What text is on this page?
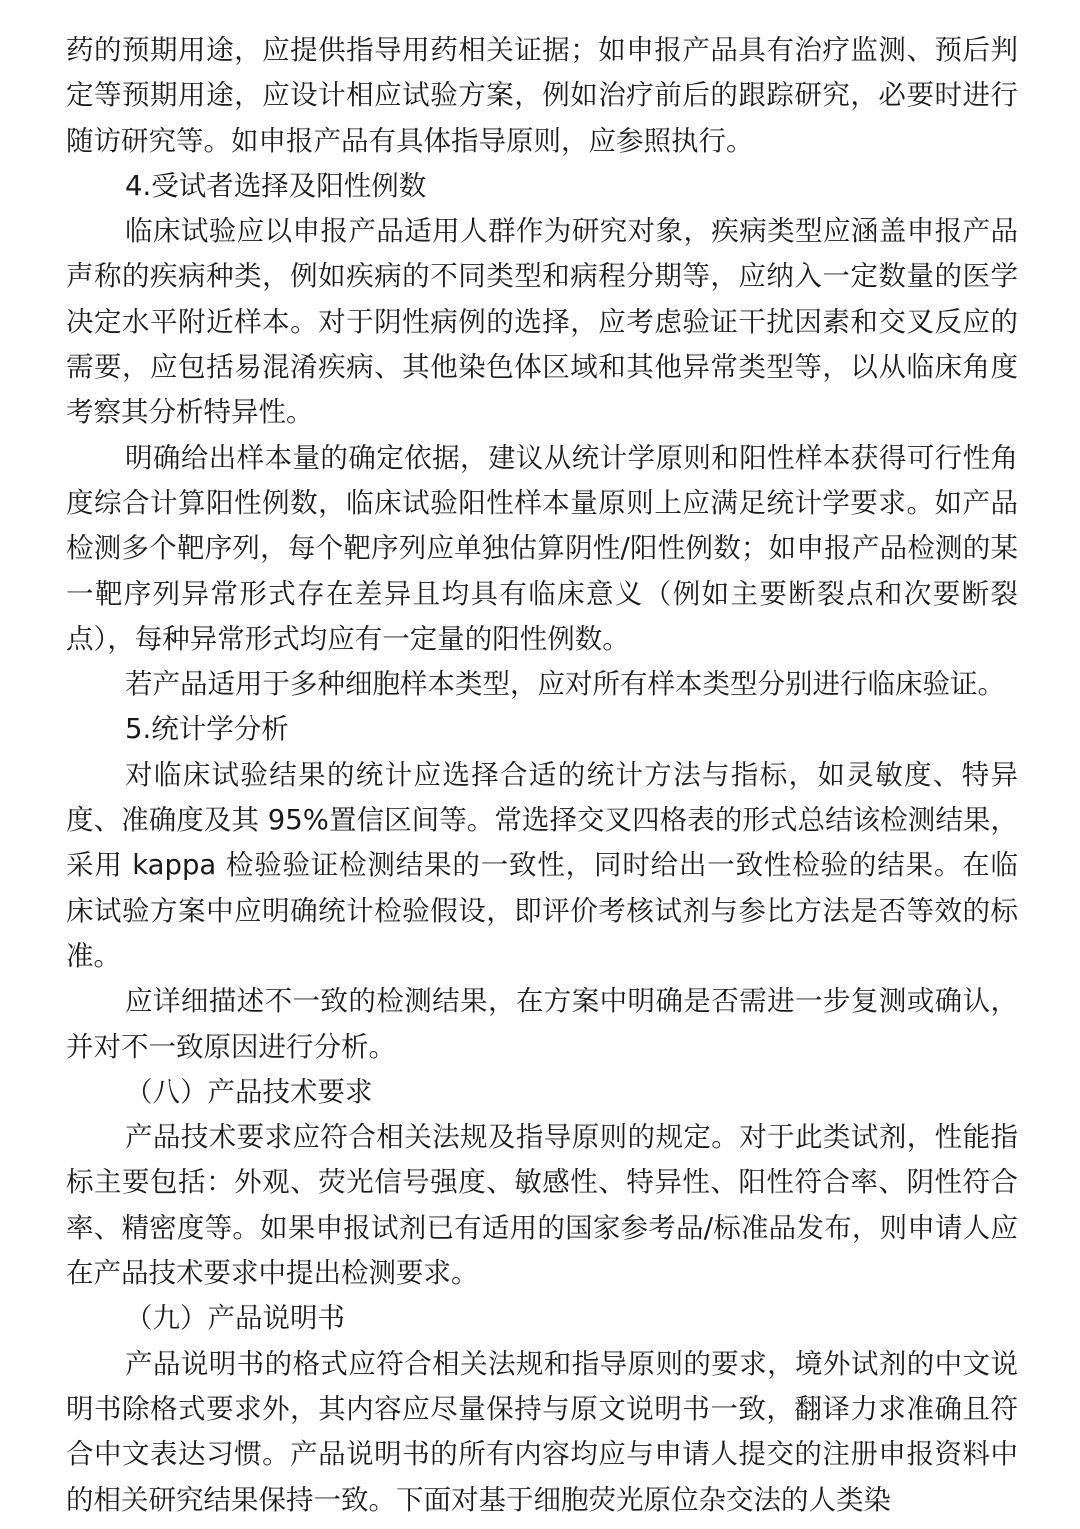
药的预期用途，应提供指导用药相关证据；如申报产品具有治疗监测、预后判定等预期用途，应设计相应试验方案，例如治疗前后的跟踪研究，必要时进行随访研究等。如申报产品有具体指导原则，应参照执行。

4.受试者选择及阳性例数

临床试验应以申报产品适用人群作为研究对象，疾病类型应涵盖申报产品声称的疾病种类，例如疾病的不同类型和病程分期等，应纳入一定数量的医学决定水平附近样本。对于阴性病例的选择，应考虑验证干扰因素和交叉反应的需要，应包括易混淆疾病、其他染色体区域和其他异常类型等，以从临床角度考察其分析特异性。

明确给出样本量的确定依据，建议从统计学原则和阳性样本获得可行性角度综合计算阳性例数，临床试验阳性样本量原则上应满足统计学要求。如产品检测多个靶序列，每个靶序列应单独估算阴性/阳性例数；如申报产品检测的某一靶序列异常形式存在差异且均具有临床意义（例如主要断裂点和次要断裂点），每种异常形式均应有一定量的阳性例数。

若产品适用于多种细胞样本类型，应对所有样本类型分别进行临床验证。

5.统计学分析

对临床试验结果的统计应选择合适的统计方法与指标，如灵敏度、特异度、准确度及其 95%置信区间等。常选择交叉四格表的形式总结该检测结果，采用 kappa 检验验证检测结果的一致性，同时给出一致性检验的结果。在临床试验方案中应明确统计检验假设，即评价考核试剂与参比方法是否等效的标准。

应详细描述不一致的检测结果，在方案中明确是否需进一步复测或确认，并对不一致原因进行分析。

（八）产品技术要求

产品技术要求应符合相关法规及指导原则的规定。对于此类试剂，性能指标主要包括：外观、荧光信号强度、敏感性、特异性、阳性符合率、阴性符合率、精密度等。如果申报试剂已有适用的国家参考品/标准品发布，则申请人应在产品技术要求中提出检测要求。

（九）产品说明书

产品说明书的格式应符合相关法规和指导原则的要求，境外试剂的中文说明书除格式要求外，其内容应尽量保持与原文说明书一致，翻译力求准确且符合中文表达习惯。产品说明书的所有内容均应与申请人提交的注册申报资料中的相关研究结果保持一致。下面对基于细胞荧光原位杂交法的人类染
